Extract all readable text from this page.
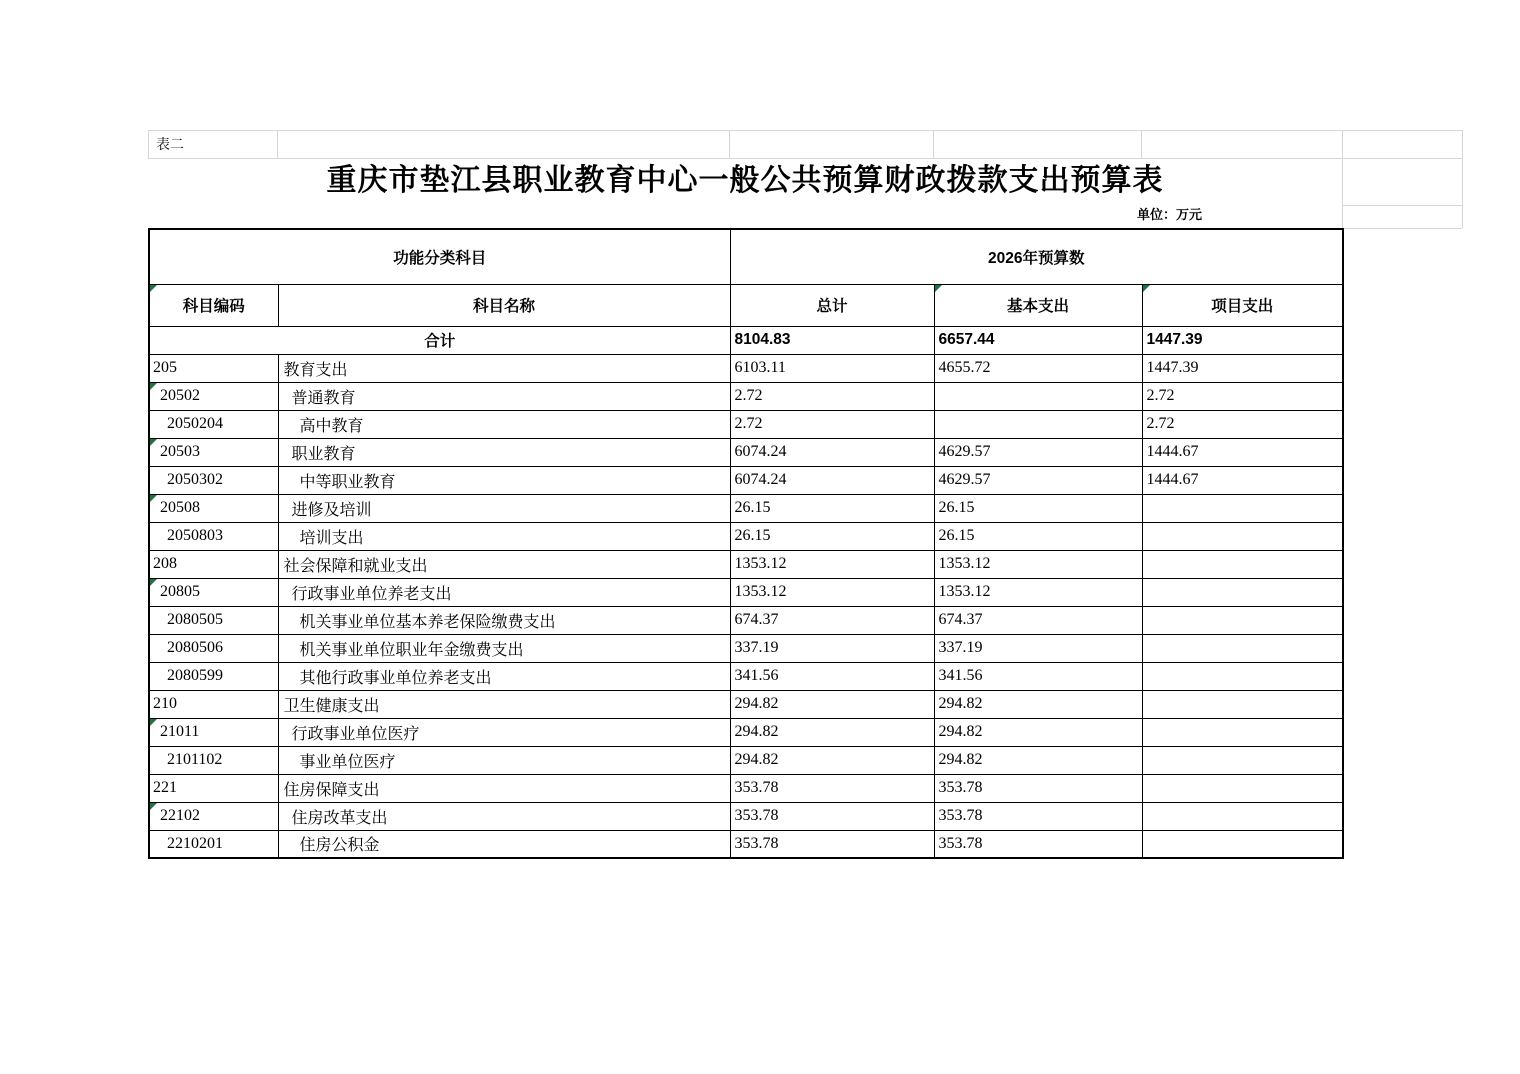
表二
重庆市垫江县职业教育中心一般公共预算财政拨款支出预算表
单位：万元
功能分类科目		2026年预算数		

科目编码	科目名称	总计	基本支出	项目支出
合计		8104.83	6657.44	1447.39
205	教育支出	6103.11	4655.72	1447.39

20502	普通教育	2.72		2.72
2050204	高中教育	2.72		2.72

20503	职业教育	6074.24	4629.57	1444.67
2050302	中等职业教育	6074.24	4629.57	1444.67

20508	进修及培训	26.15	26.15	
2050803	培训支出	26.15	26.15	
208	社会保障和就业支出	1353.12	1353.12	

20805	行政事业单位养老支出	1353.12	1353.12	
2080505	机关事业单位基本养老保险缴费支出	674.37	674.37	
2080506	机关事业单位职业年金缴费支出	337.19	337.19	
2080599	其他行政事业单位养老支出	341.56	341.56	
210	卫生健康支出	294.82	294.82	

21011	行政事业单位医疗	294.82	294.82	
2101102	事业单位医疗	294.82	294.82	
221	住房保障支出	353.78	353.78	

22102	住房改革支出	353.78	353.78	
2210201	住房公积金	353.78	353.78	
